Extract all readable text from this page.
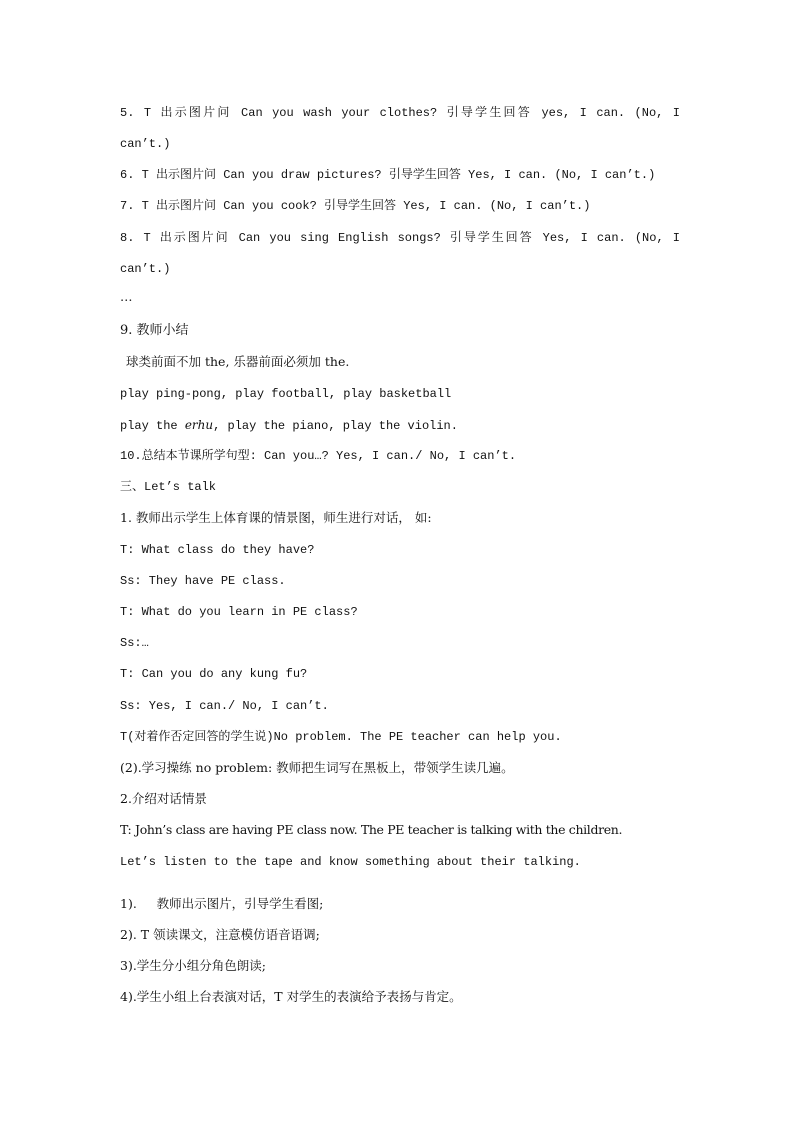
5. T 出示图片问 Can you wash your clothes? 引导学生回答 yes, I can. (No, I
can’t.)
6. T 出示图片问 Can you draw pictures? 引导学生回答 Yes, I can. (No, I can’t.)
7. T 出示图片问 Can you cook? 引导学生回答 Yes, I can. (No, I can’t.)
8. T 出示图片问 Can you sing English songs? 引导学生回答 Yes, I can. (No, I
can’t.)
…
9. 教师小结
球类前面不加 the, 乐器前面必须加 the.
play ping-pong, play football, play basketball
play the erhu, play the piano, play the violin.
10.总结本节课所学句型: Can you…? Yes, I can./ No, I can’t.
三、Let’s talk
1. 教师出示学生上体育课的情景图，师生进行对话， 如:
T: What class do they have?
Ss: They have PE class.
T: What do you learn in PE class?
Ss:…
T: Can you do any kung fu?
Ss: Yes, I can./ No, I can’t.
T(对着作否定回答的学生说)No problem. The PE teacher can help you.
(2).学习操练 no problem: 教师把生词写在黑板上，带领学生读几遍。
2.介绍对话情景
T: John’s class are having PE class now. The PE teacher is talking with the children.
Let’s listen to the tape and know something about their talking.
1).     教师出示图片，引导学生看图;
2). T 领读课文，注意模仿语音语调;
3).学生分小组分角色朗读;
4).学生小组上台表演对话，T 对学生的表演给予表扬与肯定。
